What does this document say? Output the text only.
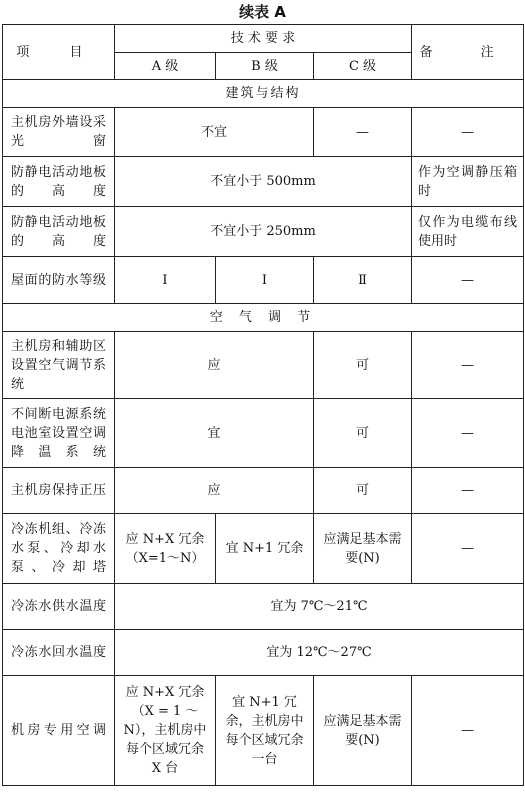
续表 A
项 目	技 术 要 求			备 注
	A 级	B 级	C 级	
建筑与结构				
主机房外墙设采光窗	不宜		—	—
防静电活动地板的高度	不宜小于 500mm			作为空调静压箱时
防静电活动地板的高度	不宜小于 250mm			仅作为电缆布线使用时
屋面的防水等级	Ⅰ	Ⅰ	Ⅱ	—
空 气 调 节				
主机房和辅助区设置空气调节系统	应		可	—
不间断电源系统电池室设置空调降温系统	宜		可	—
主机房保持正压	应		可	—
冷冻机组、冷冻水泵、冷却水泵、冷却塔	应 N+X 冗余（X=1～N）	宜 N+1 冗余	应满足基本需要(N)	—
冷冻水供水温度	宜为 7℃～21℃			
冷冻水回水温度	宜为 12℃～27℃			
机房专用空调	应 N+X 冗余（X = 1 ～ N），主机房中每个区域冗余 X 台	宜 N+1 冗余，主机房中每个区域冗余一台	应满足基本需要(N)	—
